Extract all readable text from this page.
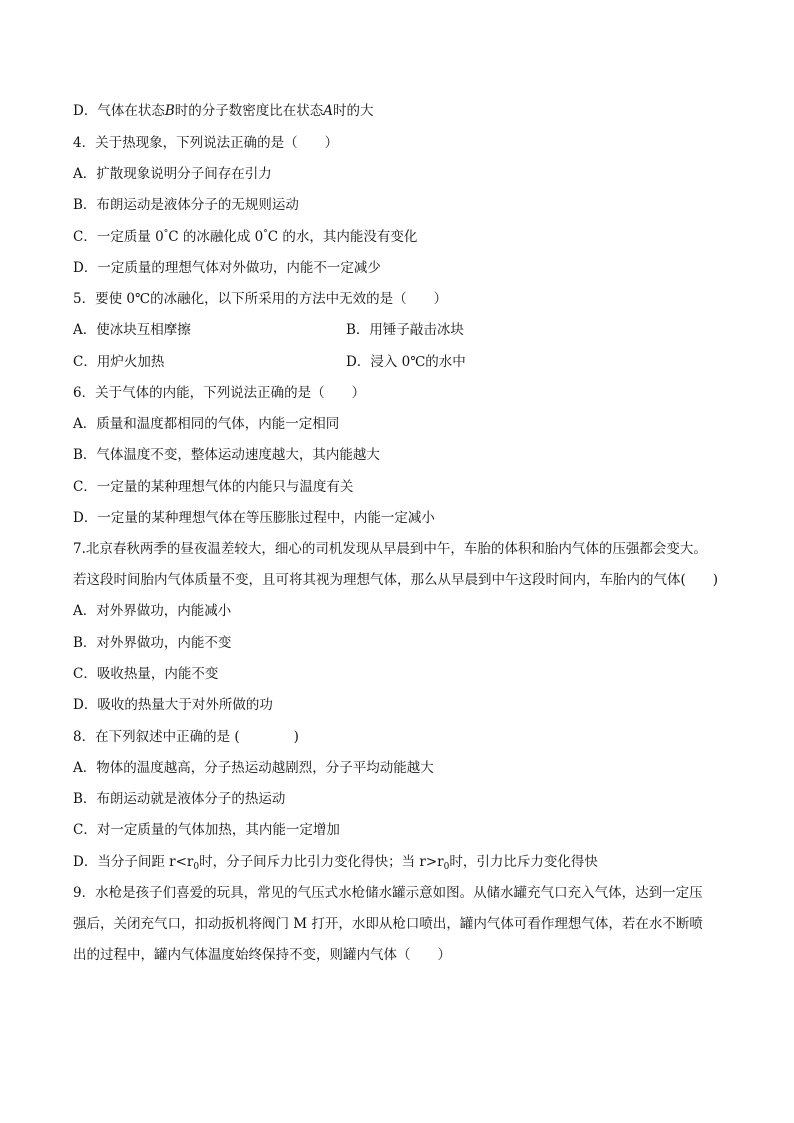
D．气体在状态B时的分子数密度比在状态A时的大
4．关于热现象，下列说法正确的是（　　）
A．扩散现象说明分子间存在引力
B．布朗运动是液体分子的无规则运动
C．一定质量 0°C 的冰融化成 0°C 的水，其内能没有变化
D．一定质量的理想气体对外做功，内能不一定减少
5．要使 0℃的冰融化，以下所采用的方法中无效的是（　　）
A．使冰块互相摩擦	B．用锤子敲击冰块
C．用炉火加热	D．浸入 0℃的水中
6．关于气体的内能，下列说法正确的是（　　）
A．质量和温度都相同的气体，内能一定相同
B．气体温度不变，整体运动速度越大，其内能越大
C．一定量的某种理想气体的内能只与温度有关
D．一定量的某种理想气体在等压膨胀过程中，内能一定减小
7.北京春秋两季的昼夜温差较大，细心的司机发现从早晨到中午，车胎的体积和胎内气体的压强都会变大。
若这段时间胎内气体质量不变，且可将其视为理想气体，那么从早晨到中午这段时间内，车胎内的气体(　　)
A．对外界做功，内能减小
B．对外界做功，内能不变
C．吸收热量，内能不变
D．吸收的热量大于对外所做的功
8．在下列叙述中正确的是 (　　　　)
A．物体的温度越高，分子热运动越剧烈，分子平均动能越大
B．布朗运动就是液体分子的热运动
C．对一定质量的气体加热，其内能一定增加
D．当分子间距 $r<r_0$时，分子间斥力比引力变化得快；当 $r>r_0$时，引力比斥力变化得快
9．水枪是孩子们喜爱的玩具，常见的气压式水枪储水罐示意如图。从储水罐充气口充入气体，达到一定压
强后，关闭充气口，扣动扳机将阀门 M 打开，水即从枪口喷出，罐内气体可看作理想气体，若在水不断喷
出的过程中，罐内气体温度始终保持不变，则罐内气体（　　）
